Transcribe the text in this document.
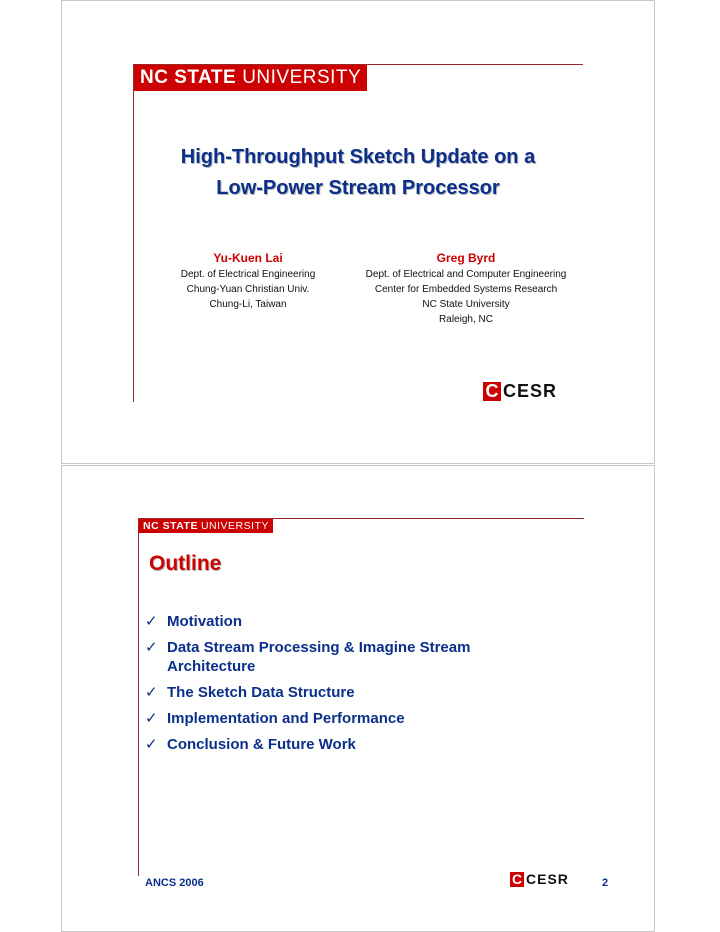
NC STATE UNIVERSITY
High-Throughput Sketch Update on a
Low-Power Stream Processor
Yu-Kuen Lai
Dept. of Electrical Engineering
Chung-Yuan Christian Univ.
Chung-Li, Taiwan
Greg Byrd
Dept. of Electrical and Computer Engineering
Center for Embedded Systems Research
NC State University
Raleigh, NC
C CESR
NC STATE UNIVERSITY
Outline
✓ Motivation
✓ Data Stream Processing & Imagine Stream Architecture
✓ The Sketch Data Structure
✓ Implementation and Performance
✓ Conclusion & Future Work
ANCS 2006	C CESR	2
